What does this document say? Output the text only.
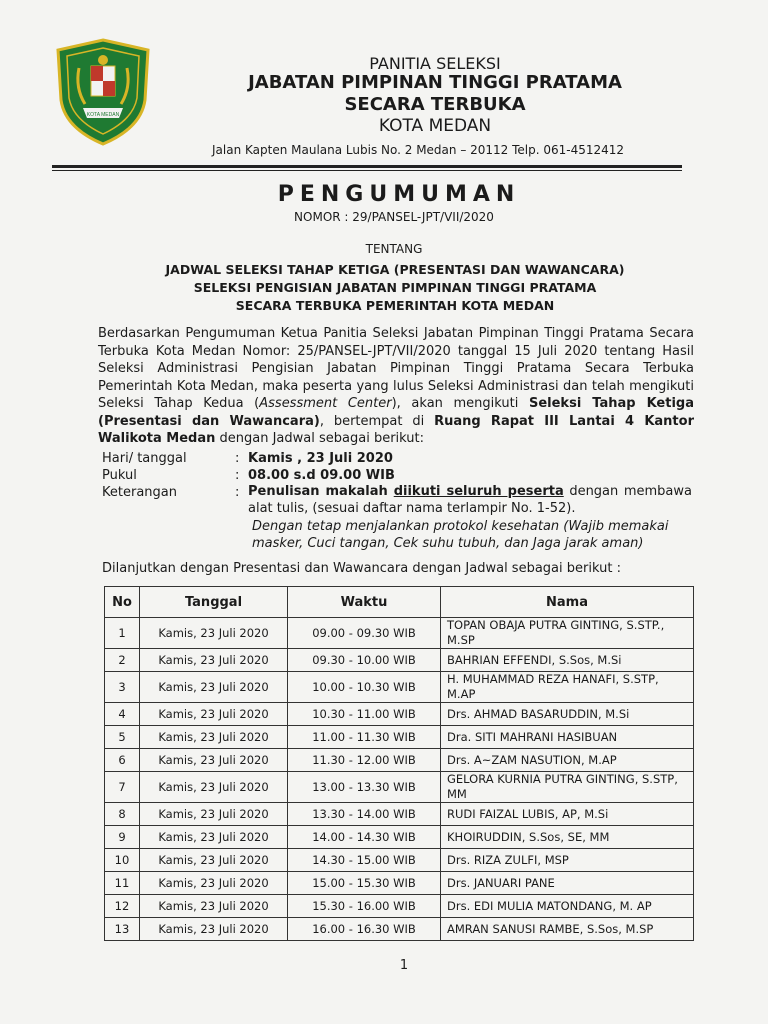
KOTA MEDAN
PANITIA SELEKSI
JABATAN PIMPINAN TINGGI PRATAMA
SECARA TERBUKA
KOTA MEDAN
Jalan Kapten Maulana Lubis No. 2 Medan – 20112 Telp. 061-4512412
PENGUMUMAN
NOMOR : 29/PANSEL-JPT/VII/2020
TENTANG
JADWAL SELEKSI TAHAP KETIGA (PRESENTASI DAN WAWANCARA)
SELEKSI PENGISIAN JABATAN PIMPINAN TINGGI PRATAMA
SECARA TERBUKA PEMERINTAH KOTA MEDAN
Berdasarkan Pengumuman Ketua Panitia Seleksi Jabatan Pimpinan Tinggi Pratama Secara Terbuka Kota Medan Nomor: 25/PANSEL-JPT/VII/2020 tanggal 15 Juli 2020 tentang Hasil Seleksi Administrasi Pengisian Jabatan Pimpinan Tinggi Pratama Secara Terbuka Pemerintah Kota Medan, maka peserta yang lulus Seleksi Administrasi dan telah mengikuti Seleksi Tahap Kedua (Assessment Center), akan mengikuti Seleksi Tahap Ketiga (Presentasi dan Wawancara), bertempat di Ruang Rapat III Lantai 4 Kantor Walikota Medan dengan Jadwal sebagai berikut:
Hari/ tanggal	: Kamis , 23 Juli 2020
Pukul	: 08.00 s.d 09.00 WIB
Keterangan	: Penulisan makalah diikuti seluruh peserta dengan membawa alat tulis, (sesuai daftar nama terlampir No. 1-52).
Dengan tetap menjalankan protokol kesehatan (Wajib memakai masker, Cuci tangan, Cek suhu tubuh, dan Jaga jarak aman)
Dilanjutkan dengan Presentasi dan Wawancara dengan Jadwal sebagai berikut :
No	Tanggal	Waktu	Nama
1	Kamis, 23 Juli 2020	09.00 - 09.30 WIB	TOPAN OBAJA PUTRA GINTING, S.STP., M.SP
2	Kamis, 23 Juli 2020	09.30 - 10.00 WIB	BAHRIAN EFFENDI, S.Sos, M.Si
3	Kamis, 23 Juli 2020	10.00 - 10.30 WIB	H. MUHAMMAD REZA HANAFI, S.STP, M.AP
4	Kamis, 23 Juli 2020	10.30 - 11.00 WIB	Drs. AHMAD BASARUDDIN, M.Si
5	Kamis, 23 Juli 2020	11.00 - 11.30 WIB	Dra. SITI MAHRANI HASIBUAN
6	Kamis, 23 Juli 2020	11.30 - 12.00 WIB	Drs. A~ZAM NASUTION, M.AP
7	Kamis, 23 Juli 2020	13.00 - 13.30 WIB	GELORA KURNIA PUTRA GINTING, S.STP, MM
8	Kamis, 23 Juli 2020	13.30 - 14.00 WIB	RUDI FAIZAL LUBIS, AP, M.Si
9	Kamis, 23 Juli 2020	14.00 - 14.30 WIB	KHOIRUDDIN, S.Sos, SE, MM
10	Kamis, 23 Juli 2020	14.30 - 15.00 WIB	Drs. RIZA ZULFI, MSP
11	Kamis, 23 Juli 2020	15.00 - 15.30 WIB	Drs. JANUARI PANE
12	Kamis, 23 Juli 2020	15.30 - 16.00 WIB	Drs. EDI MULIA MATONDANG, M. AP
13	Kamis, 23 Juli 2020	16.00 - 16.30 WIB	AMRAN SANUSI RAMBE, S.Sos, M.SP
1
